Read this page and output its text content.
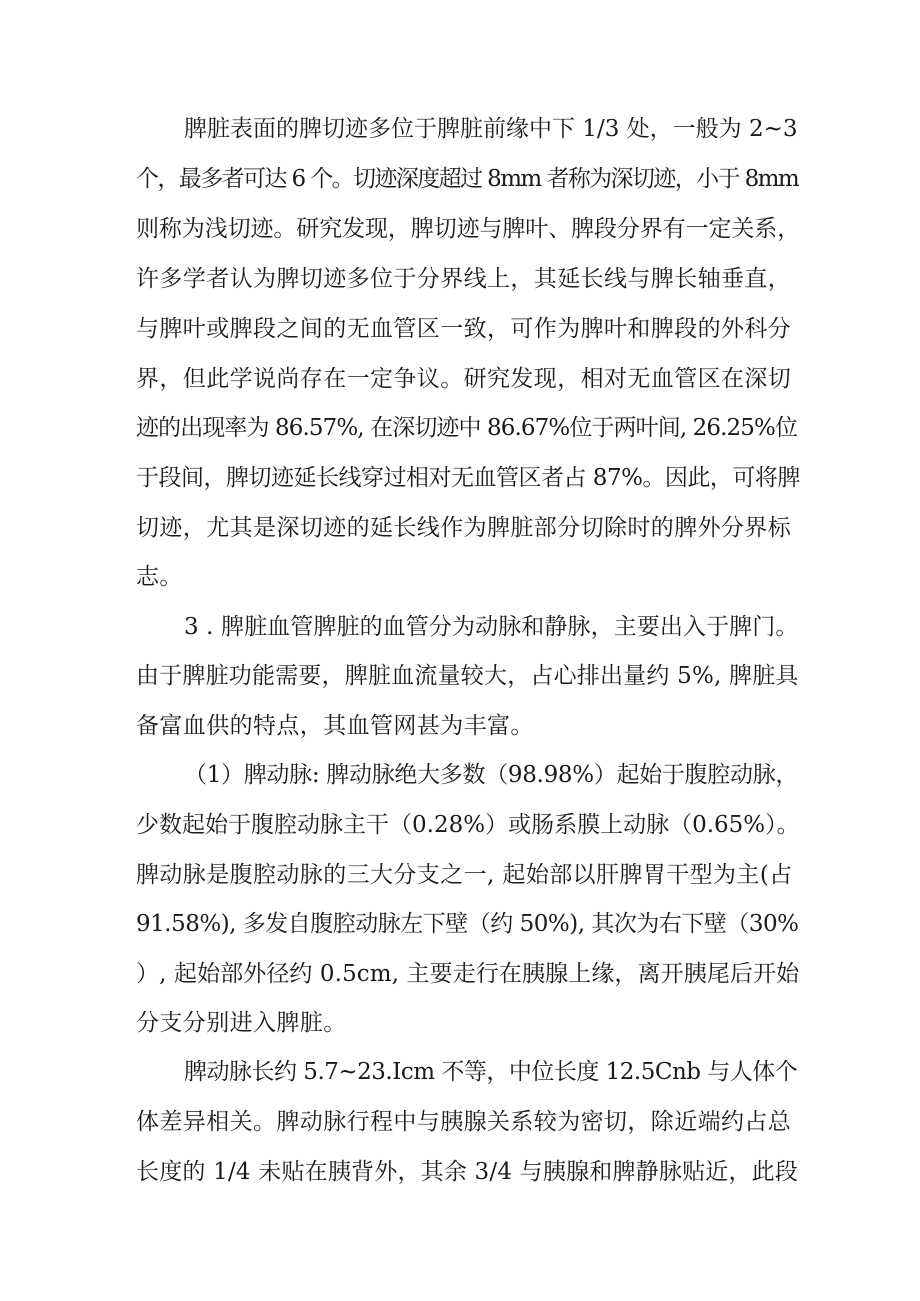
脾脏表面的脾切迹多位于脾脏前缘中下 1/3 处，一般为 2~3
个，最多者可达 6 个。切迹深度超过 8mm 者称为深切迹，小于 8mm
则称为浅切迹。研究发现，脾切迹与脾叶、脾段分界有一定关系，
许多学者认为脾切迹多位于分界线上，其延长线与脾长轴垂直，
与脾叶或脾段之间的无血管区一致，可作为脾叶和脾段的外科分
界，但此学说尚存在一定争议。研究发现，相对无血管区在深切
迹的出现率为 86.57%, 在深切迹中 86.67%位于两叶间, 26.25%位
于段间，脾切迹延长线穿过相对无血管区者占 87%。因此，可将脾
切迹，尤其是深切迹的延长线作为脾脏部分切除时的脾外分界标
志。
3 . 脾脏血管脾脏的血管分为动脉和静脉，主要出入于脾门。
由于脾脏功能需要，脾脏血流量较大，占心排出量约 5%, 脾脏具
备富血供的特点，其血管网甚为丰富。
（1）脾动脉: 脾动脉绝大多数（98.98%）起始于腹腔动脉，
少数起始于腹腔动脉主干（0.28%）或肠系膜上动脉（0.65%）。
脾动脉是腹腔动脉的三大分支之一, 起始部以肝脾胃干型为主(占
91.58%), 多发自腹腔动脉左下壁（约 50%), 其次为右下壁（30%
）, 起始部外径约 0.5cm, 主要走行在胰腺上缘，离开胰尾后开始
分支分别进入脾脏。
脾动脉长约 5.7~23.Icm 不等，中位长度 12.5Cnb 与人体个
体差异相关。脾动脉行程中与胰腺关系较为密切，除近端约占总
长度的 1/4 未贴在胰背外，其余 3/4 与胰腺和脾静脉贴近，此段
